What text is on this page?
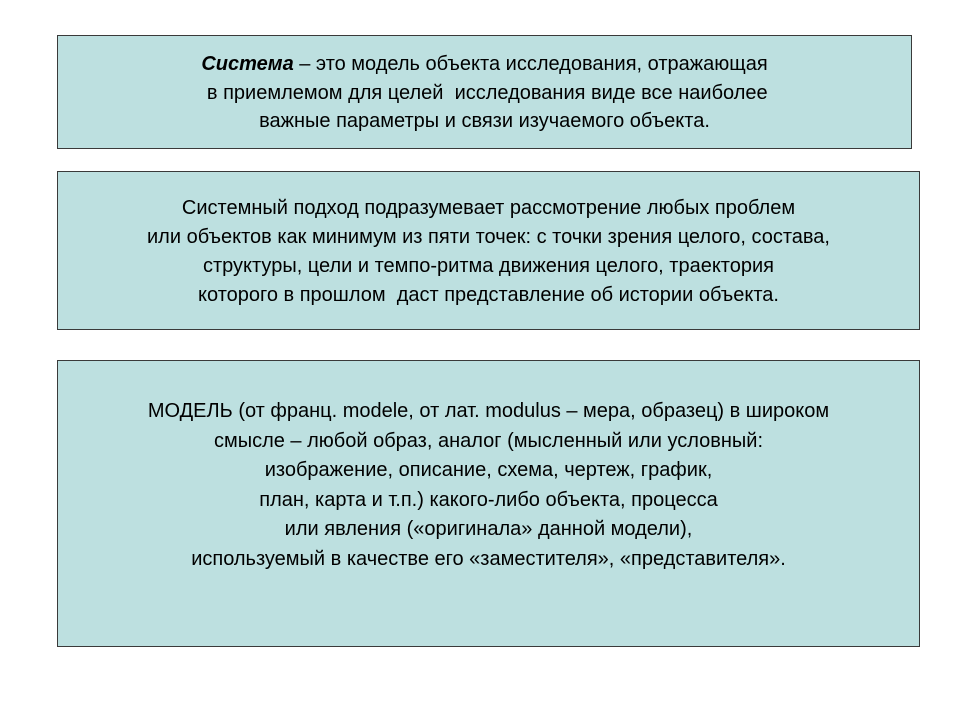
Система – это модель объекта исследования, отражающая
в приемлемом для целей  исследования виде все наиболее
важные параметры и связи изучаемого объекта.
Системный подход подразумевает рассмотрение любых проблем
или объектов как минимум из пяти точек: с точки зрения целого, состава,
структуры, цели и темпо-ритма движения целого, траектория
которого в прошлом  даст представление об истории объекта.
МОДЕЛЬ (от франц. modele, от лат. modulus – мера, образец) в широком
смысле – любой образ, аналог (мысленный или условный:
изображение, описание, схема, чертеж, график,
план, карта и т.п.) какого-либо объекта, процесса
или явления («оригинала» данной модели),
используемый в качестве его «заместителя», «представителя».
